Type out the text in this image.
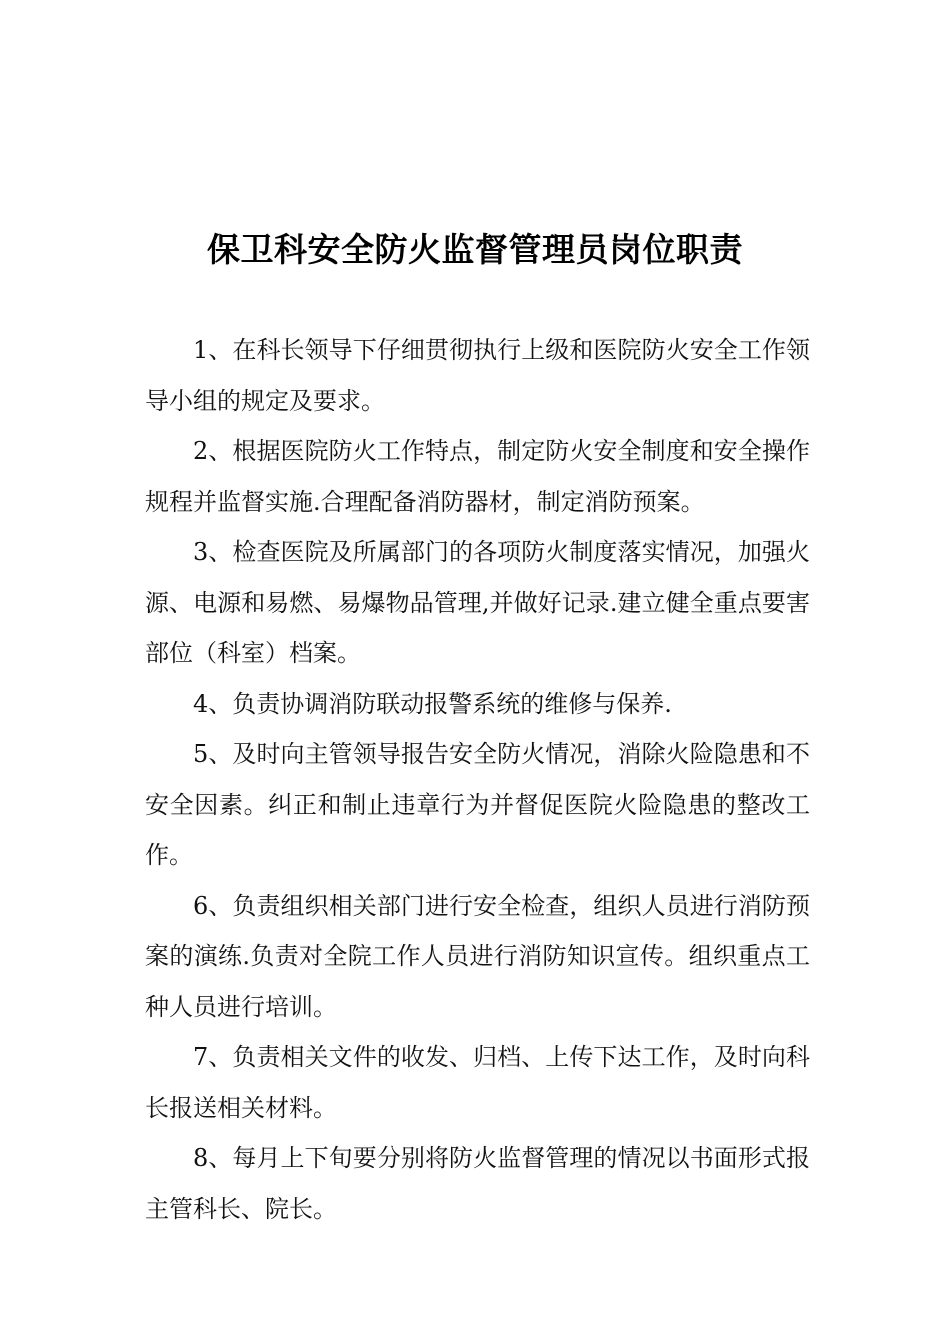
保卫科安全防火监督管理员岗位职责

1、在科长领导下仔细贯彻执行上级和医院防火安全工作领导小组的规定及要求。

2、根据医院防火工作特点，制定防火安全制度和安全操作规程并监督实施.合理配备消防器材，制定消防预案。

3、检查医院及所属部门的各项防火制度落实情况，加强火源、电源和易燃、易爆物品管理,并做好记录.建立健全重点要害部位（科室）档案。

4、负责协调消防联动报警系统的维修与保养.

5、及时向主管领导报告安全防火情况，消除火险隐患和不安全因素。纠正和制止违章行为并督促医院火险隐患的整改工作。

6、负责组织相关部门进行安全检查，组织人员进行消防预案的演练.负责对全院工作人员进行消防知识宣传。组织重点工种人员进行培训。

7、负责相关文件的收发、归档、上传下达工作，及时向科长报送相关材料。

8、每月上下旬要分别将防火监督管理的情况以书面形式报主管科长、院长。
